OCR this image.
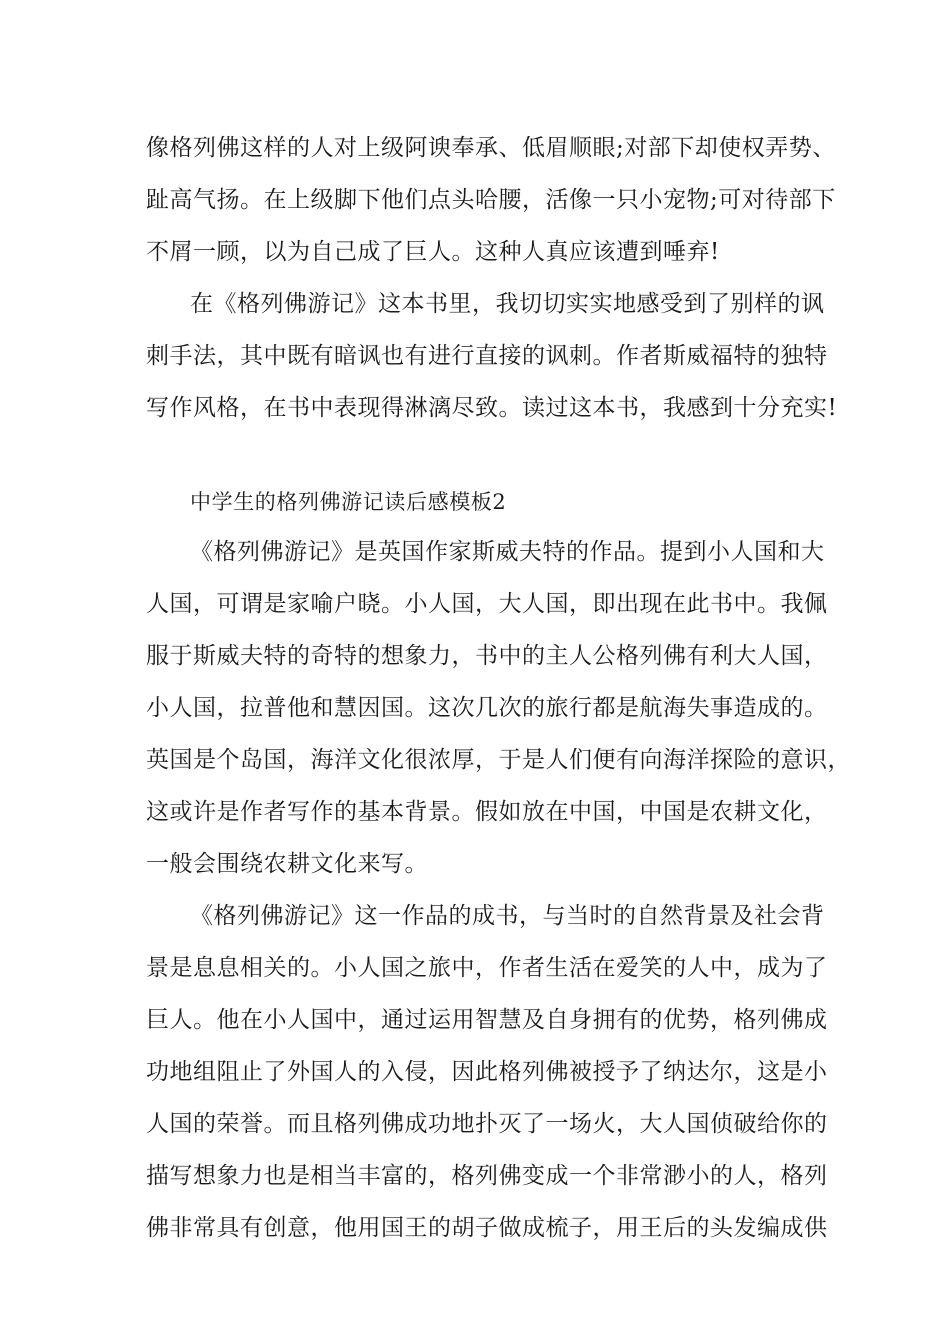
像格列佛这样的人对上级阿谀奉承、低眉顺眼;对部下却使权弄势、
趾高气扬。在上级脚下他们点头哈腰，活像一只小宠物;可对待部下
不屑一顾，以为自己成了巨人。这种人真应该遭到唾弃!
在《格列佛游记》这本书里，我切切实实地感受到了别样的讽
刺手法，其中既有暗讽也有进行直接的讽刺。作者斯威福特的独特
写作风格，在书中表现得淋漓尽致。读过这本书，我感到十分充实!
中学生的格列佛游记读后感模板2
《格列佛游记》是英国作家斯威夫特的作品。提到小人国和大
人国，可谓是家喻户晓。小人国，大人国，即出现在此书中。我佩
服于斯威夫特的奇特的想象力，书中的主人公格列佛有利大人国，
小人国，拉普他和慧因国。这次几次的旅行都是航海失事造成的。
英国是个岛国，海洋文化很浓厚，于是人们便有向海洋探险的意识，
这或许是作者写作的基本背景。假如放在中国，中国是农耕文化，
一般会围绕农耕文化来写。
《格列佛游记》这一作品的成书，与当时的自然背景及社会背
景是息息相关的。小人国之旅中，作者生活在爱笑的人中，成为了
巨人。他在小人国中，通过运用智慧及自身拥有的优势，格列佛成
功地组阻止了外国人的入侵，因此格列佛被授予了纳达尔，这是小
人国的荣誉。而且格列佛成功地扑灭了一场火，大人国侦破给你的
描写想象力也是相当丰富的，格列佛变成一个非常渺小的人，格列
佛非常具有创意，他用国王的胡子做成梳子，用王后的头发编成供
